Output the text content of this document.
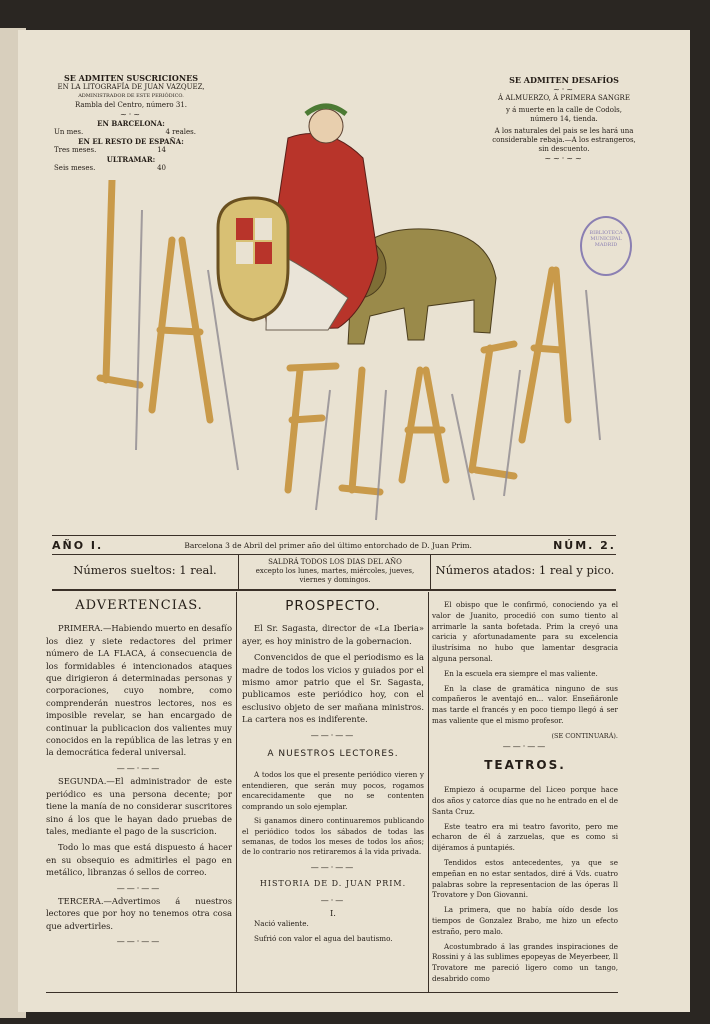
SE ADMITEN SUSCRICIONES
EN LA LITOGRAFÍA DE JUAN VAZQUEZ,
ADMINISTRADOR DE ESTE PERIÓDICO.
Rambla del Centro, número 31.
~·~
EN BARCELONA:
Un mes.	4 reales.
EN EL RESTO DE ESPAÑA:
Tres meses.	14
ULTRAMAR:
Seis meses.	40
SE ADMITEN DESAFÍOS
~·~
Á ALMUERZO, Á PRIMERA SANGRE
y á muerte en la calle de Codols, número 14, tienda.
A los naturales del pais se les hará una considerable rebaja.—A los estrangeros, sin descuento.
~~·~~
BIBLIOTECA MUNICIPAL MADRID
LA FLACA
AÑO I.	Barcelona 3 de Abril del primer año del último entorchado de D. Juan Prim.	NÚM. 2.
Números sueltos: 1 real.
SALDRÁ TODOS LOS DIAS DEL AÑO
excepto los lunes, martes, miércoles, jueves, viernes y domingos.
Números atados: 1 real y pico.
ADVERTENCIAS.

PRIMERA.—Habiendo muerto en desafío los diez y siete redactores del primer número de LA FLACA, á consecuencia de los formidables é intencionados ataques que dirigieron á determinadas personas y corporaciones, cuyo nombre, como comprenderán nuestros lectores, nos es imposible revelar, se han encargado de continuar la publicacion dos valientes muy conocidos en la república de las letras y en la democrática federal universal.

——·——

SEGUNDA.—El administrador de este periódico es una persona decente; por tiene la manía de no considerar suscritores sino á los que le hayan dado pruebas de tales, mediante el pago de la suscricion.

Todo lo mas que está dispuesto á hacer en su obsequio es admitirles el pago en metálico, libranzas ó sellos de correo.

——·——

TERCERA.—Advertimos á nuestros lectores que por hoy no tenemos otra cosa que advertirles.

——·——
PROSPECTO.

El Sr. Sagasta, director de «La Iberia» ayer, es hoy ministro de la gobernacion.

Convencidos de que el periodismo es la madre de todos los vicios y guiados por el mismo amor patrio que el Sr. Sagasta, publicamos este periódico hoy, con el esclusivo objeto de ser mañana ministros. La cartera nos es indiferente.

——·——
A NUESTROS LECTORES.

A todos los que el presente periódico vieren y entendieren, que serán muy pocos, rogamos encarecidamente que no se contenten comprando un solo ejemplar.

Si ganamos dinero continuaremos publicando el periódico todos los sábados de todas las semanas, de todos los meses de todos los años; de lo contrario nos retiraremos á la vida privada.

——·——
HISTORIA DE D. JUAN PRIM.
—·—
I.

Nació valiente.

Sufrió con valor el agua del bautismo.

El obispo que le confirmó, conociendo ya el valor de Juanito, procedió con sumo tiento al arrimarle la santa bofetada. Prim la creyó una caricia y afortunadamente para su excelencia ilustrísima no hubo que lamentar desgracia alguna personal.

En la escuela era siempre el mas valiente.

En la clase de gramática ninguno de sus compañeros le aventajó en... valor. Enseñáronle mas tarde el francés y en poco tiempo llegó á ser mas valiente que el mismo profesor.

(SE CONTINUARÁ).
——·——
TEATROS.

Empiezo á ocuparme del Liceo porque hace dos años y catorce días que no he entrado en el de Santa Cruz.

Este teatro era mi teatro favorito, pero me echaron de él á zarzuelas, que es como si dijéramos á puntapiés.

Tendidos estos antecedentes, ya que se empeñan en no estar sentados, diré á Vds. cuatro palabras sobre la representacion de las óperas Il Trovatore y Don Giovanni.

La primera, que no había oído desde los tiempos de Gonzalez Brabo, me hizo un efecto estraño, pero malo.

Acostumbrado á las grandes inspiraciones de Rossini y á las sublimes epopeyas de Meyerbeer, Il Trovatore me pareció ligero como un tango, desabrido como
